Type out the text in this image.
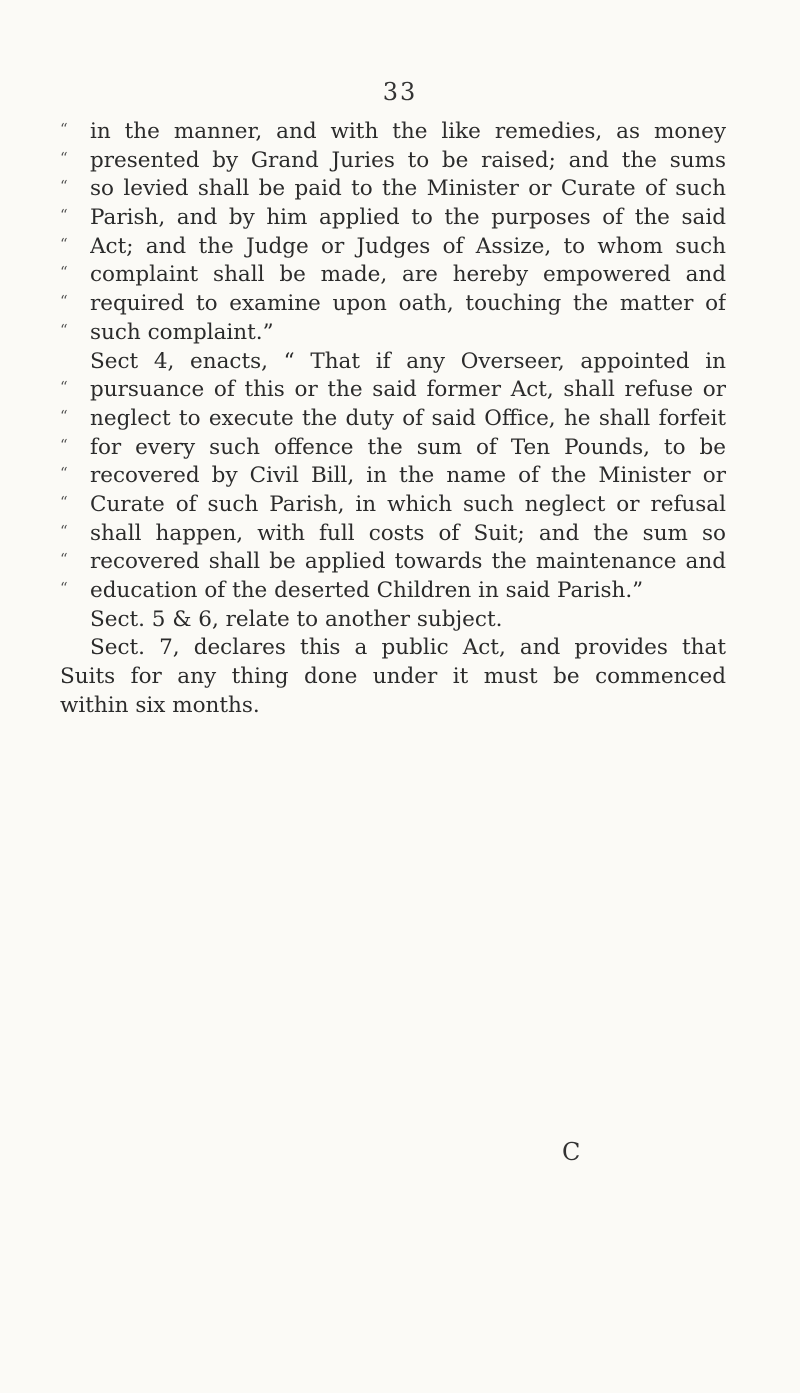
33
“	in the manner, and with the like remedies, as money
“	presented by Grand Juries to be raised; and the sums
“	so levied shall be paid to the Minister or Curate of such
“	Parish, and by him applied to the purposes of the said
“	Act; and the Judge or Judges of Assize, to whom such
“	complaint shall be made, are hereby empowered and
“	required to examine upon oath, touching the matter of
“	such complaint.”
Sect 4, enacts, “ That if any Overseer, appointed in
“	pursuance of this or the said former Act, shall refuse or
“	neglect to execute the duty of said Office, he shall forfeit
“	for every such offence the sum of Ten Pounds, to be
“	recovered by Civil Bill, in the name of the Minister or
“	Curate of such Parish, in which such neglect or refusal
“	shall happen, with full costs of Suit; and the sum so
“	recovered shall be applied towards the maintenance and
“	education of the deserted Children in said Parish.”
Sect. 5 & 6, relate to another subject.
Sect. 7, declares this a public Act, and provides that
Suits for any thing done under it must be commenced
within six months.
C
